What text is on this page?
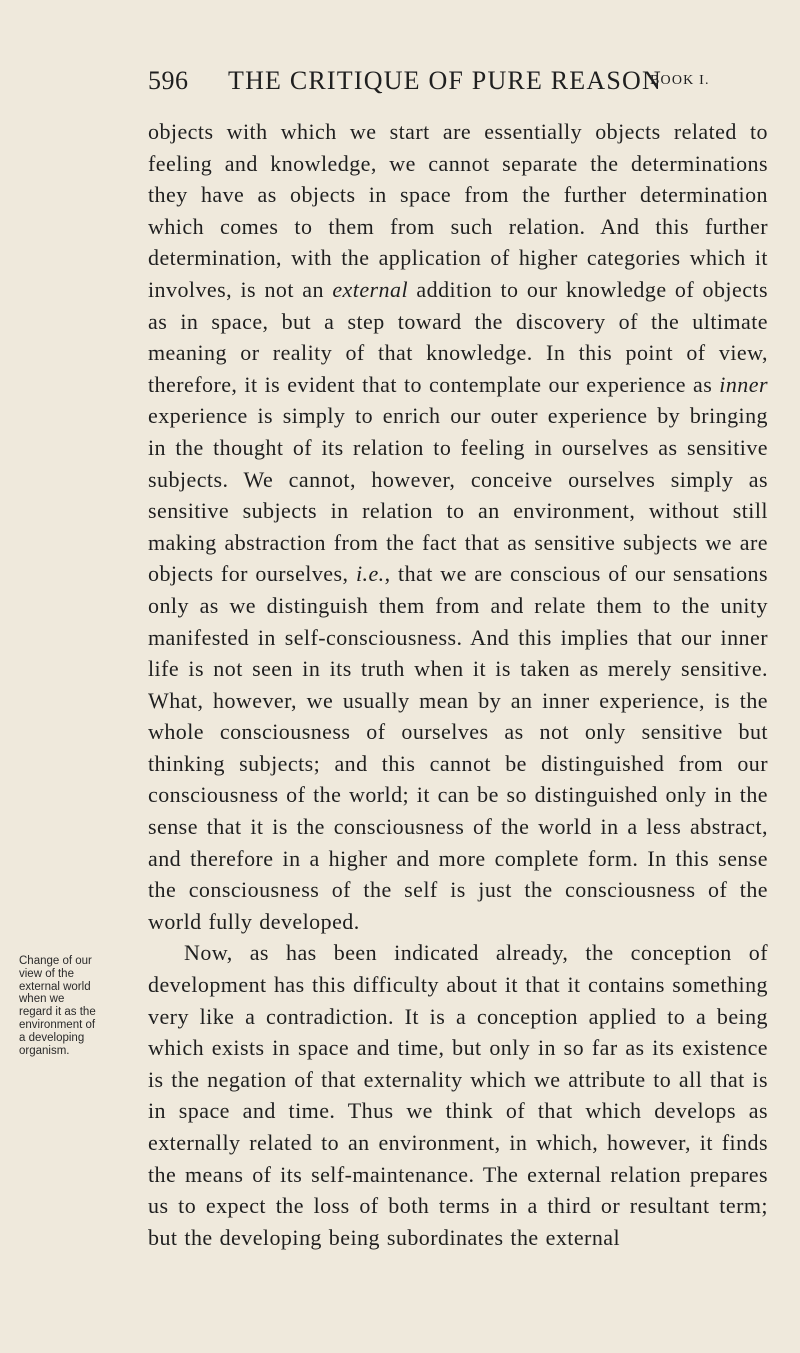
596 THE CRITIQUE OF PURE REASON
BOOK I.
Change of our
view of the
external world
when we
regard it as the
environment of
a developing
organism.

objects with which we start are essentially objects related to feeling and knowledge, we cannot separate the determinations they have as objects in space from the further determination which comes to them from such relation. And this further determination, with the application of higher categories which it involves, is not an external addition to our knowledge of objects as in space, but a step toward the discovery of the ultimate meaning or reality of that knowledge. In this point of view, therefore, it is evident that to contemplate our experience as inner experience is simply to enrich our outer experience by bringing in the thought of its relation to feeling in ourselves as sensitive subjects. We cannot, however, conceive ourselves simply as sensitive subjects in relation to an environment, without still making abstraction from the fact that as sensitive subjects we are objects for ourselves, i.e., that we are conscious of our sensations only as we distinguish them from and relate them to the unity manifested in self-consciousness. And this implies that our inner life is not seen in its truth when it is taken as merely sensitive. What, however, we usually mean by an inner experience, is the whole consciousness of ourselves as not only sensitive but thinking subjects; and this cannot be distinguished from our consciousness of the world; it can be so distinguished only in the sense that it is the consciousness of the world in a less abstract, and therefore in a higher and more complete form. In this sense the consciousness of the self is just the consciousness of the world fully developed.

Now, as has been indicated already, the conception of development has this difficulty about it that it contains something very like a contradiction. It is a conception applied to a being which exists in space and time, but only in so far as its existence is the negation of that externality which we attribute to all that is in space and time. Thus we think of that which develops as externally related to an environment, in which, however, it finds the means of its self-maintenance. The external relation prepares us to expect the loss of both terms in a third or resultant term; but the developing being subordinates the external
